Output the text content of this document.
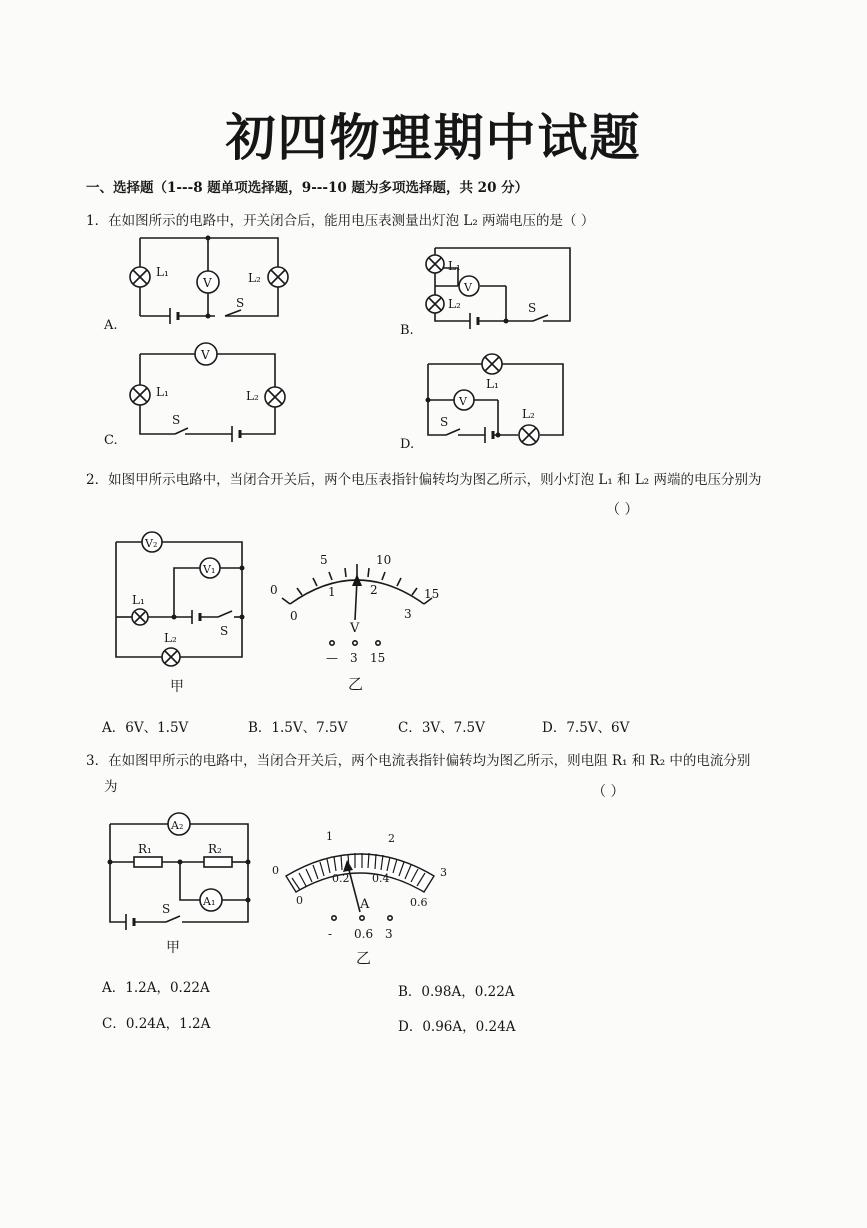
初四物理期中试题
一、选择题（1---8 题单项选择题，9---10 题为多项选择题，共 20 分）
1．在如图所示的电路中，开关闭合后，能用电压表测量出灯泡 L₂ 两端电压的是（ ）
V
L₁	L₂
S
A.
V
L₁
L₂	S
B.
V
L₁	L₂
S
C.
V
L₁
L₂
S
D.
2．如图甲所示电路中，当闭合开关后，两个电压表指针偏转均为图乙所示，则小灯泡 L₁ 和 L₂ 两端的电压分别为
（ ）
V₂
V₁
L₁
L₂	S
甲
5	10
15
0
0
1	2
3
V
— 3 15
乙
A．6V、1.5V	B．1.5V、7.5V	C．3V、7.5V	D．7.5V、6V
3．在如图甲所示的电路中，当闭合开关后，两个电流表指针偏转均为图乙所示，则电阻 R₁ 和 R₂ 中的电流分别
为	（ ）
A₂
A₁
R₁	R₂
S
甲
0
1	2
3
0
0.2 0.4
0.6
A
- 0.6 3
乙
A．1.2A，0.22A	B．0.98A，0.22A
C．0.24A，1.2A	D．0.96A，0.24A
